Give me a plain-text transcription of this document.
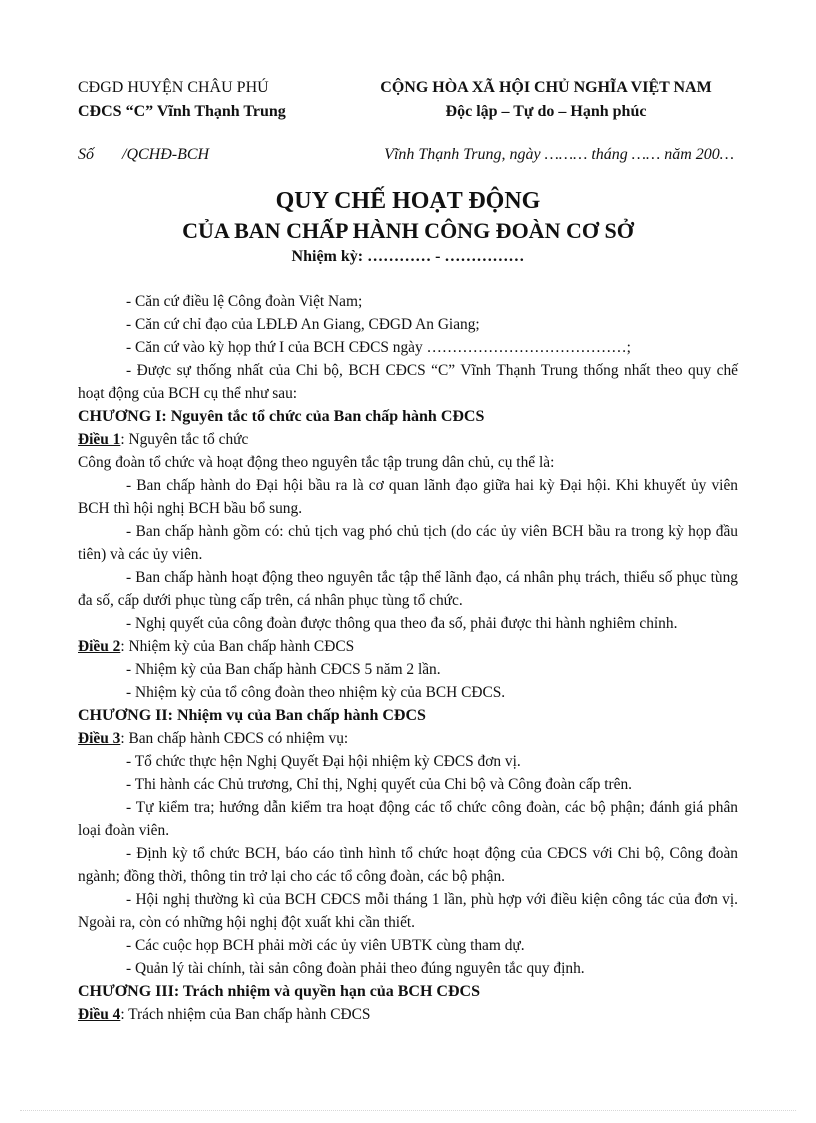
CĐGD HUYỆN CHÂU PHÚ
CĐCS “C” Vĩnh Thạnh Trung
CỘNG HÒA XÃ HỘI CHỦ NGHĨA VIỆT NAM
Độc lập – Tự do – Hạnh phúc
Số       /QCHĐ-BCH	Vĩnh Thạnh Trung, ngày ……… tháng …… năm 200…
QUY CHẾ HOẠT ĐỘNG
CỦA BAN CHẤP HÀNH CÔNG ĐOÀN CƠ SỞ
Nhiệm kỳ: ………… - ……………

- Căn cứ điều lệ Công đoàn Việt Nam;

- Căn cứ chỉ đạo của LĐLĐ An Giang, CĐGD An Giang;

- Căn cứ vào kỳ họp thứ I của BCH CĐCS ngày …………………………………;

- Được sự thống nhất của Chi bộ, BCH CĐCS “C” Vĩnh Thạnh Trung thống nhất theo quy chế hoạt động của BCH cụ thể như sau:

CHƯƠNG I: Nguyên tắc tổ chức của Ban chấp hành CĐCS

Điều 1: Nguyên tắc tổ chức

Công đoàn tổ chức và hoạt động theo nguyên tắc tập trung dân chủ, cụ thể là:

- Ban chấp hành do Đại hội bầu ra là cơ quan lãnh đạo giữa hai kỳ Đại hội. Khi khuyết ủy viên BCH thì hội nghị BCH bầu bổ sung.

- Ban chấp hành gồm có: chủ tịch vag phó chủ tịch (do các ủy viên BCH bầu ra trong kỳ họp đầu tiên) và các ủy viên.

- Ban chấp hành hoạt động theo nguyên tắc tập thể lãnh đạo, cá nhân phụ trách, thiểu số phục tùng đa số, cấp dưới phục tùng cấp trên, cá nhân phục tùng tổ chức.

- Nghị quyết của công đoàn được thông qua theo đa số, phải được thi hành nghiêm chỉnh.

Điều 2: Nhiệm kỳ của Ban chấp hành CĐCS

- Nhiệm kỳ của Ban chấp hành CĐCS 5 năm 2 lần.

- Nhiệm kỳ của tổ công đoàn theo nhiệm kỳ của BCH CĐCS.

CHƯƠNG II: Nhiệm vụ của Ban chấp hành CĐCS

Điều 3: Ban chấp hành CĐCS có nhiệm vụ:

- Tổ chức thực hện Nghị Quyết Đại hội nhiệm kỳ CĐCS đơn vị.

- Thi hành các Chủ trương, Chỉ thị, Nghị quyết của Chi bộ và Công đoàn cấp trên.

- Tự kiểm tra; hướng dẫn kiểm tra hoạt động các tổ chức công đoàn, các bộ phận; đánh giá phân loại đoàn viên.

- Định kỳ tổ chức BCH, báo cáo tình hình tổ chức hoạt động của CĐCS với Chi bộ, Công đoàn ngành; đồng thời, thông tin trở lại cho các tổ công đoàn, các bộ phận.

- Hội nghị thường kì của BCH CĐCS mỗi tháng 1 lần, phù hợp với điều kiện công tác của đơn vị. Ngoài ra, còn có những hội nghị đột xuất khi cần thiết.

- Các cuộc họp BCH phải mời các ủy viên UBTK cùng tham dự.

- Quản lý tài chính, tài sản công đoàn phải theo đúng nguyên tắc quy định.

CHƯƠNG III: Trách nhiệm và quyền hạn của BCH CĐCS

Điều 4: Trách nhiệm của Ban chấp hành CĐCS
